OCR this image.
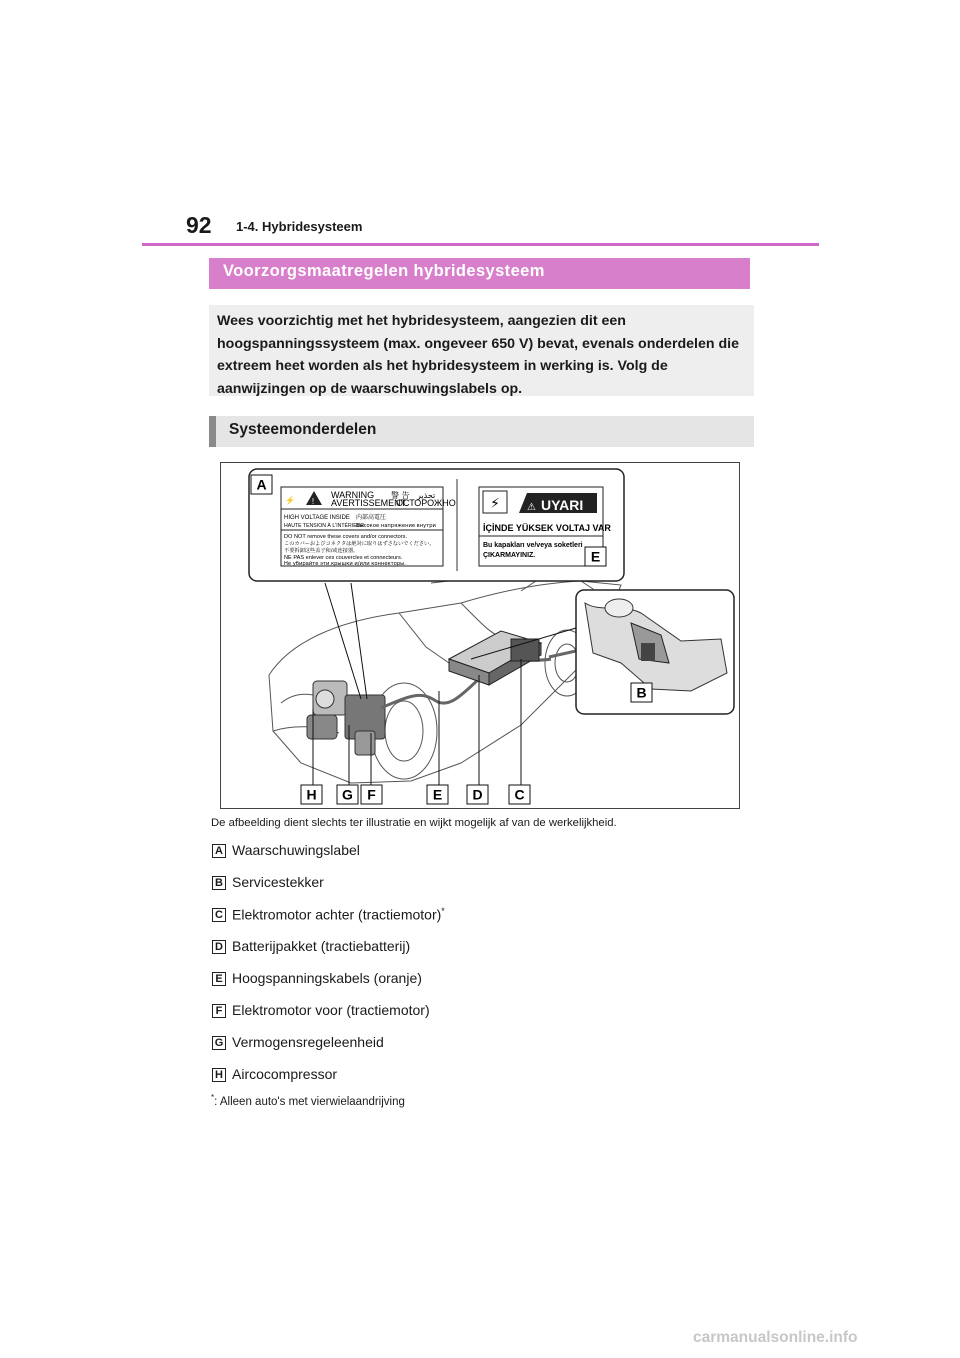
92 1-4. Hybridesysteem
Voorzorgsmaatregelen hybridesysteem
Wees voorzichtig met het hybridesysteem, aangezien dit een hoogspanningssysteem (max. ongeveer 650 V) bevat, evenals onderdelen die extreem heet worden als het hybridesysteem in werking is. Volg de aanwijzingen op de waarschuwingslabels op.
Systeemonderdelen
!
⚡
WARNING 警 告 تحذير
AVERTISSEMENT
ОСТОРОЖНО
HIGH VOLTAGE INSIDE 内部高電圧
HAUTE TENSION À L'INTÉRIEUR
Высокое напряжение внутри
DO NOT remove these covers and/or connectors.
このカバーおよびコネクタは絶対に取りはずさないでください。
不要拆卸这些盖子和/或连接器。
NE PAS enlever ces couvercles et connecteurs.
Не убирайте эти крышки и/или коннекторы.
⚡	⚠ UYARI
İÇİNDE YÜKSEK VOLTAJ VAR
Bu kapakları ve/veya soketleri
ÇIKARMAYINIZ.
A
E
B
H G F	E D C
De afbeelding dient slechts ter illustratie en wijkt mogelijk af van de werkelijkheid.
A Waarschuwingslabel
B Servicestekker
C Elektromotor achter (tractiemotor)*
D Batterijpakket (tractiebatterij)
E Hoogspanningskabels (oranje)
F Elektromotor voor (tractiemotor)
G Vermogensregeleenheid
H Aircocompressor
*: Alleen auto's met vierwielaandrijving
carmanualsonline.info
